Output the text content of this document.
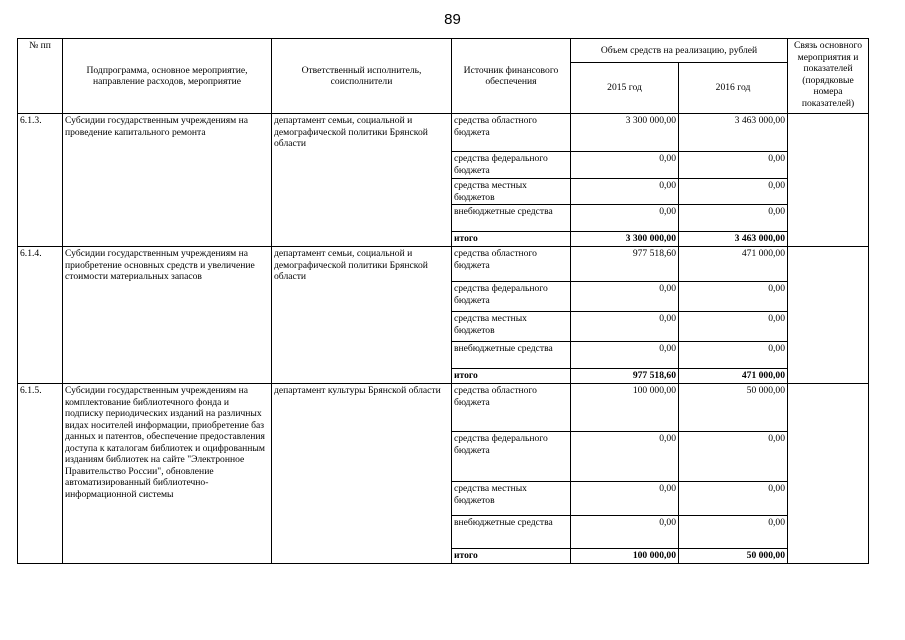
89
№ пп	Подпрограмма, основное мероприятие, направление расходов, мероприятие	Ответственный исполнитель, соисполнители	Источник финансового обеспечения	Объем средств на реализацию, рублей		Связь основного мероприятия и показателей (порядковые номера показателей)
				2015 год	2016 год	
6.1.3.	Субсидии государственным учреждениям на проведение капитального ремонта	департамент семьи, социальной и демографической политики Брянской области	средства областного бюджета	3 300 000,00	3 463 000,00	
			средства федерального бюджета	0,00	0,00	
			средства местных бюджетов	0,00	0,00	
			внебюджетные средства	0,00	0,00	
			итого	3 300 000,00	3 463 000,00	
6.1.4.	Субсидии государственным учреждениям на приобретение основных средств и увеличение стоимости материальных запасов	департамент семьи, социальной и демографической политики Брянской области	средства областного бюджета	977 518,60	471 000,00	
			средства федерального бюджета	0,00	0,00	
			средства местных бюджетов	0,00	0,00	
			внебюджетные средства	0,00	0,00	
			итого	977 518,60	471 000,00	
6.1.5.	Субсидии государственным учреждениям на комплектование библиотечного фонда и подписку периодических изданий на различных видах носителей информации, приобретение баз данных и патентов, обеспечение предоставления доступа к каталогам библиотек и оцифрованным изданиям библиотек на сайте "Электронное Правительство России", обновление автоматизированный библиотечно-информационной системы	департамент культуры Брянской области	средства областного бюджета	100 000,00	50 000,00	
			средства федерального бюджета	0,00	0,00	
			средства местных бюджетов	0,00	0,00	
			внебюджетные средства	0,00	0,00	
			итого	100 000,00	50 000,00	
